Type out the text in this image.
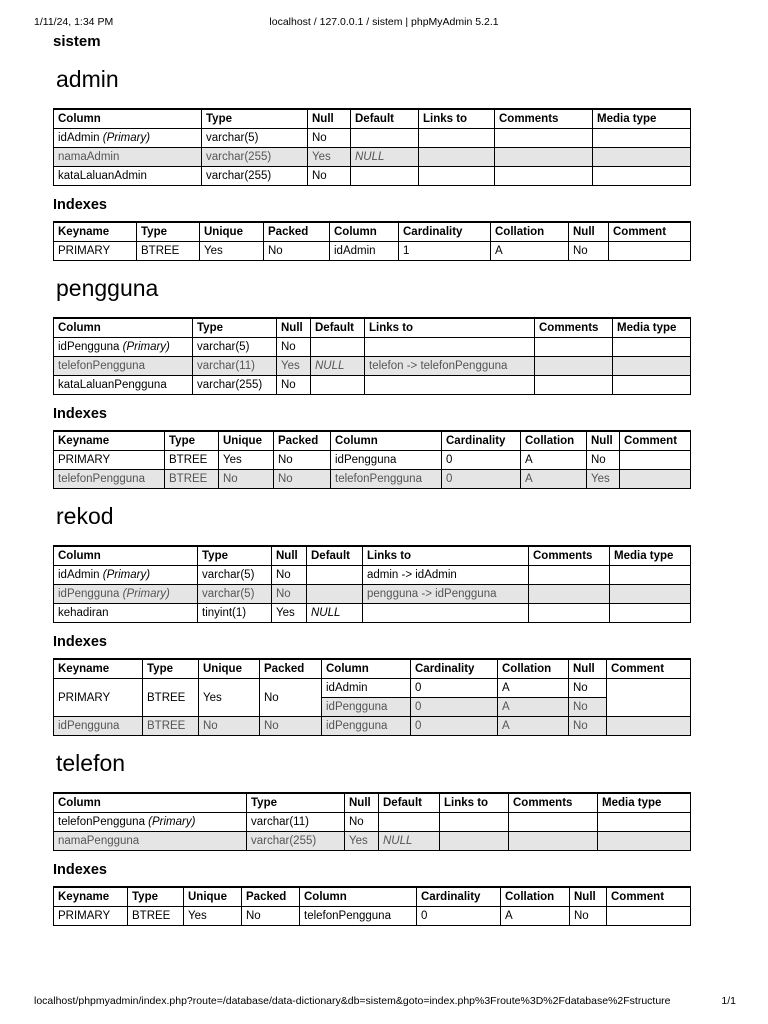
1/11/24, 1:34 PM	localhost / 127.0.0.1 / sistem | phpMyAdmin 5.2.1
sistem
admin
Column	Type	Null	Default	Links to	Comments	Media type
idAdmin (Primary)	varchar(5)	No				
namaAdmin	varchar(255)	Yes	NULL			
kataLaluanAdmin	varchar(255)	No				
Indexes
Keyname	Type	Unique	Packed	Column	Cardinality	Collation	Null	Comment
PRIMARY	BTREE	Yes	No	idAdmin	1	A	No	
pengguna
Column	Type	Null	Default	Links to	Comments	Media type
idPengguna (Primary)	varchar(5)	No				
telefonPengguna	varchar(11)	Yes	NULL	telefon -> telefonPengguna		
kataLaluanPengguna	varchar(255)	No				
Indexes
Keyname	Type	Unique	Packed	Column	Cardinality	Collation	Null	Comment
PRIMARY	BTREE	Yes	No	idPengguna	0	A	No	
telefonPengguna	BTREE	No	No	telefonPengguna	0	A	Yes	
rekod
Column	Type	Null	Default	Links to	Comments	Media type
idAdmin (Primary)	varchar(5)	No		admin -> idAdmin		
idPengguna (Primary)	varchar(5)	No		pengguna -> idPengguna		
kehadiran	tinyint(1)	Yes	NULL			
Indexes
Keyname	Type	Unique	Packed	Column	Cardinality	Collation	Null	Comment
PRIMARY	BTREE	Yes	No	idAdmin	0	A	No	
				idPengguna	0	A	No	
idPengguna	BTREE	No	No	idPengguna	0	A	No	
telefon
Column	Type	Null	Default	Links to	Comments	Media type
telefonPengguna (Primary)	varchar(11)	No				
namaPengguna	varchar(255)	Yes	NULL			
Indexes
Keyname	Type	Unique	Packed	Column	Cardinality	Collation	Null	Comment
PRIMARY	BTREE	Yes	No	telefonPengguna	0	A	No	
localhost/phpmyadmin/index.php?route=/database/data-dictionary&db=sistem&goto=index.php%3Froute%3D%2Fdatabase%2Fstructure	1/1
